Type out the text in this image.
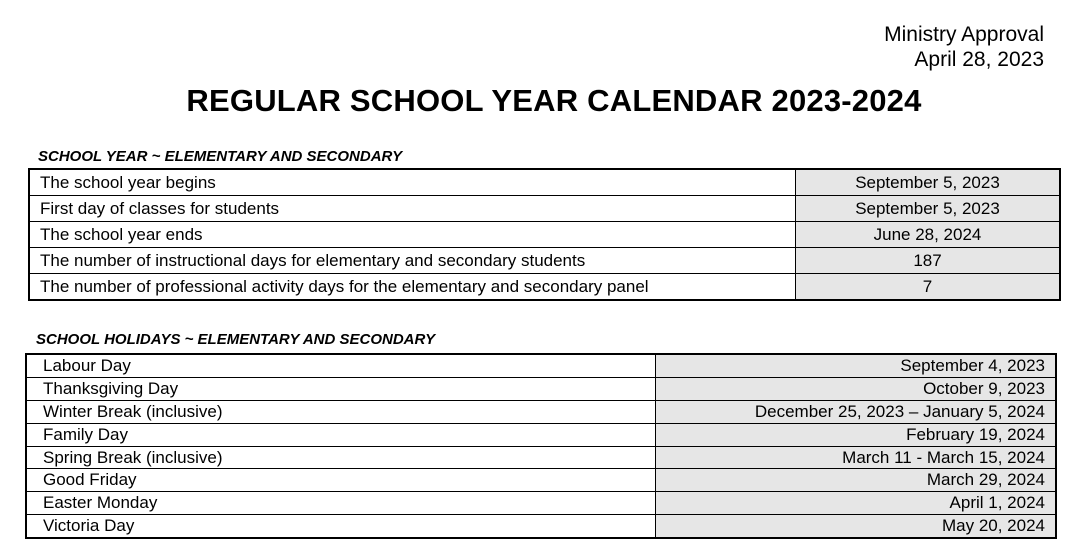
Ministry Approval
April 28, 2023
REGULAR SCHOOL YEAR CALENDAR 2023-2024
SCHOOL YEAR ~ ELEMENTARY AND SECONDARY
The school year begins	September 5, 2023
First day of classes for students	September 5, 2023
The school year ends	June 28, 2024
The number of instructional days for elementary and secondary students	187
The number of professional activity days for the elementary and secondary panel	7
SCHOOL HOLIDAYS ~ ELEMENTARY AND SECONDARY
Labour Day	September 4, 2023
Thanksgiving Day	October 9, 2023
Winter Break (inclusive)	December 25, 2023 – January 5, 2024
Family Day	February 19, 2024
Spring Break (inclusive)	March 11 - March 15, 2024
Good Friday	March 29, 2024
Easter Monday	April 1, 2024
Victoria Day	May 20, 2024
